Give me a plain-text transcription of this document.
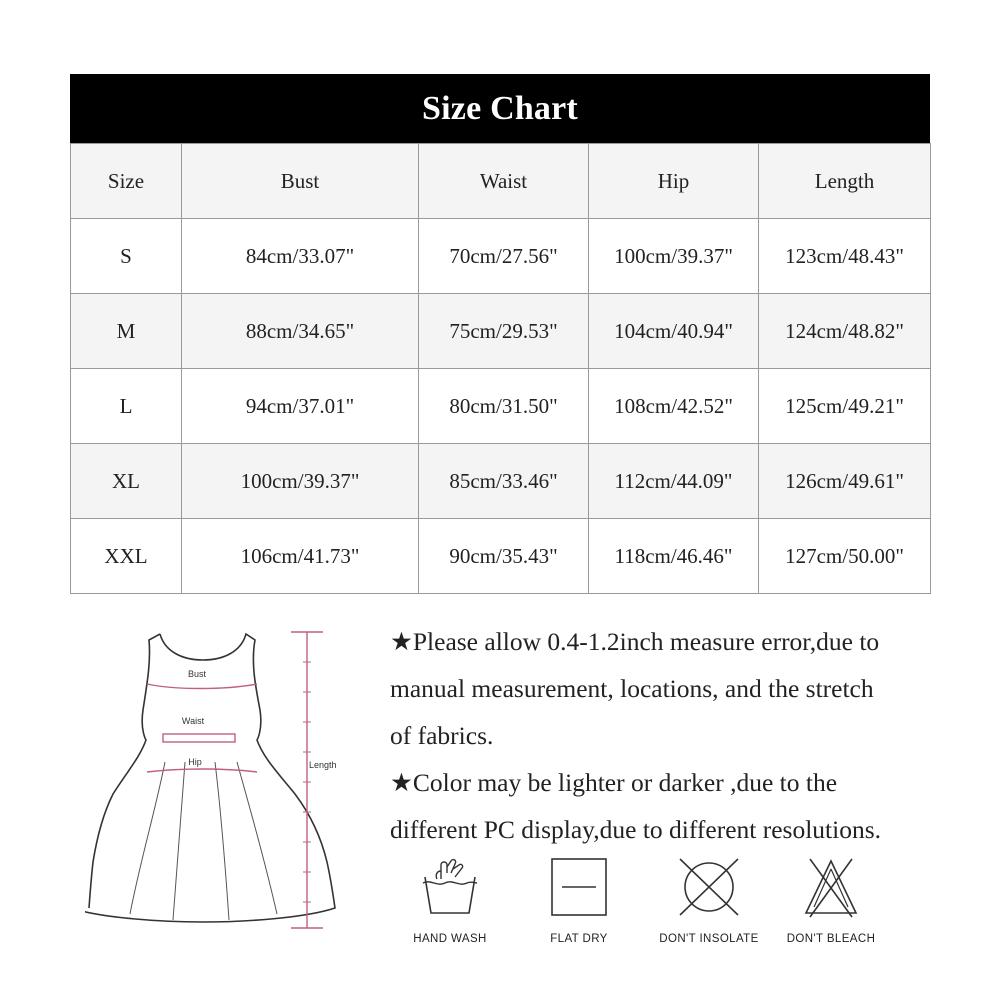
Size Chart
Size	Bust	Waist	Hip	Length
S	84cm/33.07"	70cm/27.56"	100cm/39.37"	123cm/48.43"
M	88cm/34.65"	75cm/29.53"	104cm/40.94"	124cm/48.82"
L	94cm/37.01"	80cm/31.50"	108cm/42.52"	125cm/49.21"
XL	100cm/39.37"	85cm/33.46"	112cm/44.09"	126cm/49.61"
XXL	106cm/41.73"	90cm/35.43"	118cm/46.46"	127cm/50.00"
Bust
Waist
Hip	Length

★Please allow 0.4-1.2inch measure error,due to

manual measurement, locations, and the stretch

of fabrics.

★Color may be lighter or darker ,due to the

different PC display,due to different resolutions.

HAND WASH	FLAT DRY	DON'T INSOLATE	DON'T BLEACH
